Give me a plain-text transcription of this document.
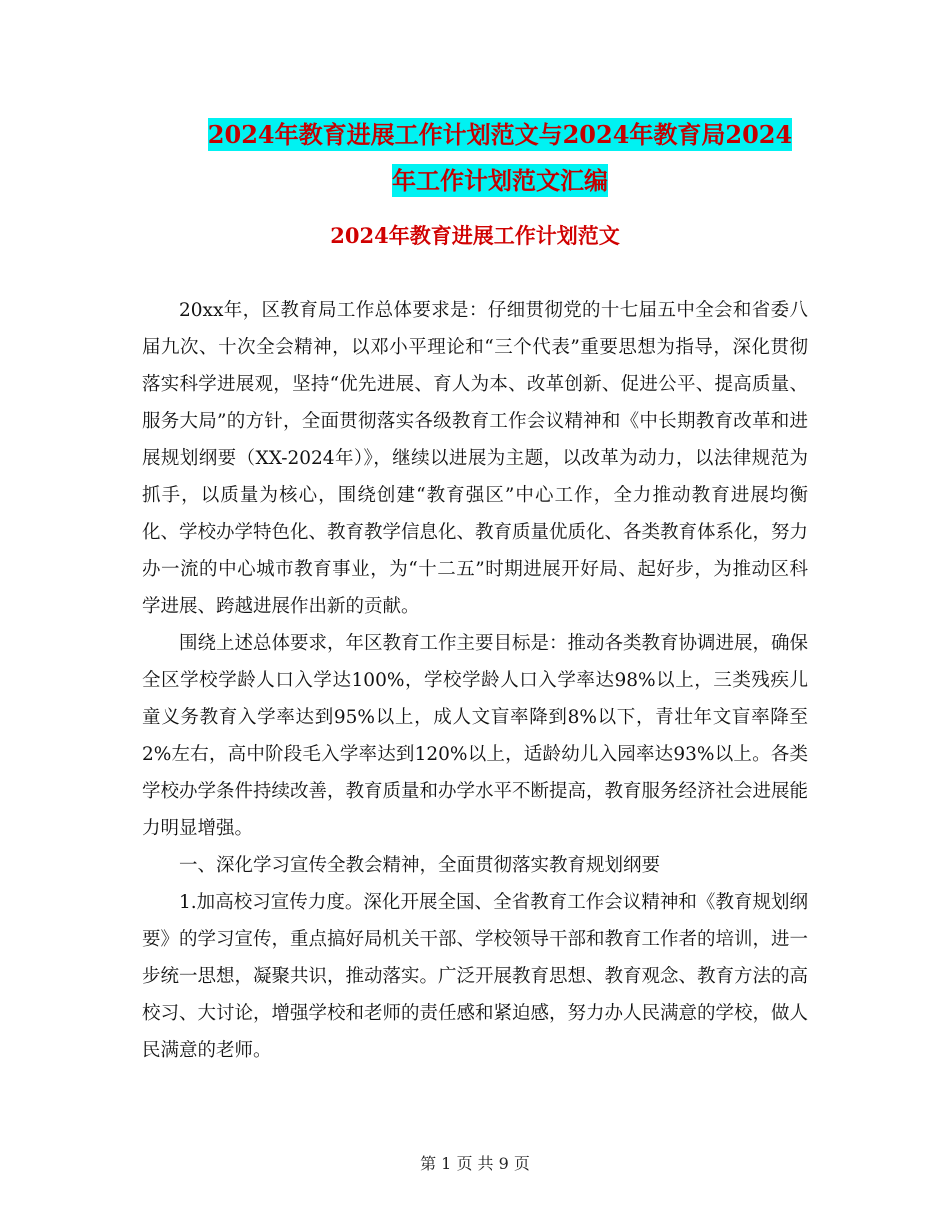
2024年教育进展工作计划范文与2024年教育局2024
年工作计划范文汇编
2024年教育进展工作计划范文

20xx年，区教育局工作总体要求是：仔细贯彻党的十七届五中全会和省委八届九次、十次全会精神，以邓小平理论和“三个代表”重要思想为指导，深化贯彻落实科学进展观，坚持“优先进展、育人为本、改革创新、促进公平、提高质量、服务大局”的方针，全面贯彻落实各级教育工作会议精神和《中长期教育改革和进展规划纲要（XX-2024年）》，继续以进展为主题，以改革为动力，以法律规范为抓手，以质量为核心，围绕创建“教育强区”中心工作，全力推动教育进展均衡化、学校办学特色化、教育教学信息化、教育质量优质化、各类教育体系化，努力办一流的中心城市教育事业，为“十二五”时期进展开好局、起好步，为推动区科学进展、跨越进展作出新的贡献。

围绕上述总体要求，年区教育工作主要目标是：推动各类教育协调进展，确保全区学校学龄人口入学达100%，学校学龄人口入学率达98%以上，三类残疾儿童义务教育入学率达到95%以上，成人文盲率降到8%以下，青壮年文盲率降至2%左右，高中阶段毛入学率达到120%以上，适龄幼儿入园率达93%以上。各类学校办学条件持续改善，教育质量和办学水平不断提高，教育服务经济社会进展能力明显增强。

一、深化学习宣传全教会精神，全面贯彻落实教育规划纲要

1.加高校习宣传力度。深化开展全国、全省教育工作会议精神和《教育规划纲要》的学习宣传，重点搞好局机关干部、学校领导干部和教育工作者的培训，进一步统一思想，凝聚共识，推动落实。广泛开展教育思想、教育观念、教育方法的高校习、大讨论，增强学校和老师的责任感和紧迫感，努力办人民满意的学校，做人民满意的老师。

第 1 页 共 9 页
